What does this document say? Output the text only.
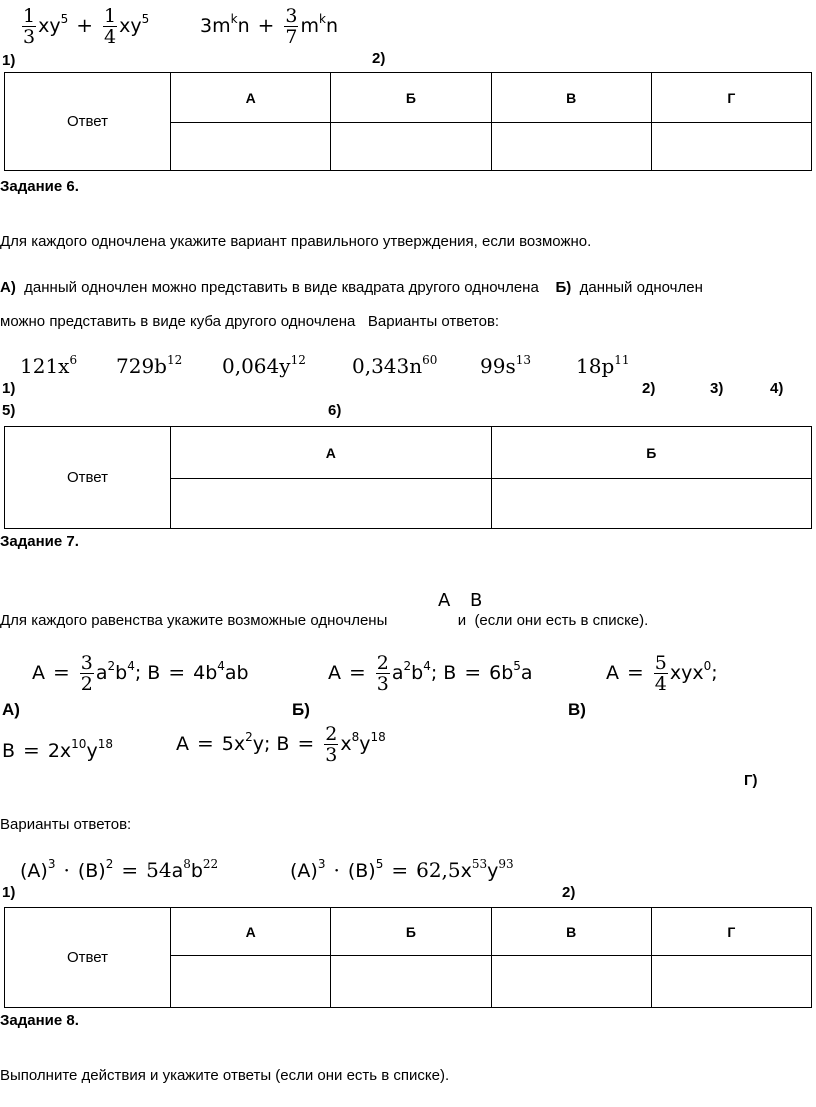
$\frac{1}{3} xy^5 + \frac{1}{4} xy^5$	$3m^kn + \frac{3}{7} m^kn$
1)	2)
Ответ	А	Б	В	Г

Задание 6.
Для каждого одночлена укажите вариант правильного утверждения, если возможно.
А) данный одночлен можно представить в виде квадрата другого одночлена Б) данный одночлен
можно представить в виде куба другого одночлена Варианты ответов:
$121x^6$ $729b^{12}$ $0,064y^{12}$ $0,343n^{60}$ $99s^{13}$ $18p^{11}$
1)	2)	3)	4)
5)	6)
Ответ	А	Б

Задание 7.
A B
Для каждого равенства укажите возможные одночлены	и (если они есть в списке).
$A = \frac{3}{2} a^2b^4$; $B = 4b^4ab$	$A = \frac{2}{3} a^2b^4$; $B = 6b^5a$	$A = \frac{5}{4} xyx^0$;
А)	Б)	В)
$B = 2x^{10}y^{18}$	$A = 5x^2y$; $B = \frac{2}{3} x^8y^{18}$
Г)
Варианты ответов:
$(A)^3 \cdot (B)^2 = 54a^8b^{22}$	$(A)^3 \cdot (B)^5 = 62,5x^{53}y^{93}$
1)	2)
Ответ	А	Б	В	Г

Задание 8.
Выполните действия и укажите ответы (если они есть в списке).
